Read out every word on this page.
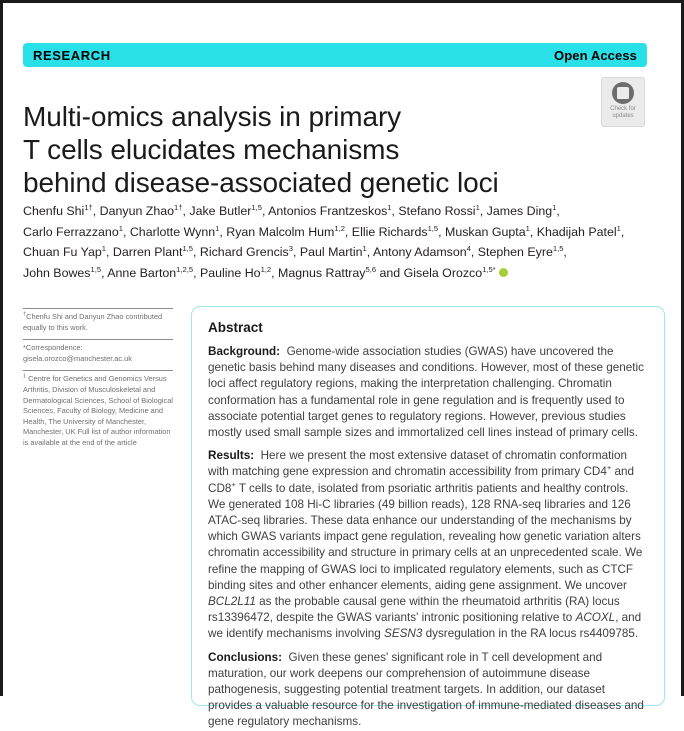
RESEARCH	Open Access
Check for
updates
Multi-omics analysis in primary
T cells elucidates mechanisms
behind disease-associated genetic loci
Chenfu Shi$^{1\dagger}$, Danyun Zhao$^{1\dagger}$, Jake Butler$^{1,5}$, Antonios Frantzeskos$^1$, Stefano Rossi$^1$, James Ding$^1$,
Carlo Ferrazzano$^1$, Charlotte Wynn$^1$, Ryan Malcolm Hum$^{1,2}$, Ellie Richards$^{1,5}$, Muskan Gupta$^1$, Khadijah Patel$^1$,
Chuan Fu Yap$^1$, Darren Plant$^{1,5}$, Richard Grencis$^3$, Paul Martin$^1$, Antony Adamson$^4$, Stephen Eyre$^{1,5}$,
John Bowes$^{1,5}$, Anne Barton$^{1,2,5}$, Pauline Ho$^{1,2}$, Magnus Rattray$^{5,6}$ and Gisela Orozco$^{1,5*}$
†Chenfu Shi and Danyun Zhao contributed equally to this work.
*Correspondence:
gisela.orozco@manchester.ac.uk
$^1$ Centre for Genetics and Genomics Versus Arthritis, Division of Musculoskeletal and Dermatological Sciences, School of Biological Sciences, Faculty of Biology, Medicine and Health, The University of Manchester, Manchester, UK Full list of author information is available at the end of the article
Abstract

Background:  Genome-wide association studies (GWAS) have uncovered the genetic basis behind many diseases and conditions. However, most of these genetic loci affect regulatory regions, making the interpretation challenging. Chromatin conformation has a fundamental role in gene regulation and is frequently used to associate potential target genes to regulatory regions. However, previous studies mostly used small sample sizes and immortalized cell lines instead of primary cells.

Results:  Here we present the most extensive dataset of chromatin conformation with matching gene expression and chromatin accessibility from primary CD4+ and CD8+ T cells to date, isolated from psoriatic arthritis patients and healthy controls. We generated 108 Hi-C libraries (49 billion reads), 128 RNA-seq libraries and 126 ATAC-seq libraries. These data enhance our understanding of the mechanisms by which GWAS variants impact gene regulation, revealing how genetic variation alters chromatin accessibility and structure in primary cells at an unprecedented scale. We refine the mapping of GWAS loci to implicated regulatory elements, such as CTCF binding sites and other enhancer elements, aiding gene assignment. We uncover BCL2L11 as the probable causal gene within the rheumatoid arthritis (RA) locus rs13396472, despite the GWAS variants' intronic positioning relative to ACOXL, and we identify mechanisms involving SESN3 dysregulation in the RA locus rs4409785.

Conclusions:  Given these genes' significant role in T cell development and maturation, our work deepens our comprehension of autoimmune disease pathogenesis, suggesting potential treatment targets. In addition, our dataset provides a valuable resource for the investigation of immune-mediated diseases and gene regulatory mechanisms.
